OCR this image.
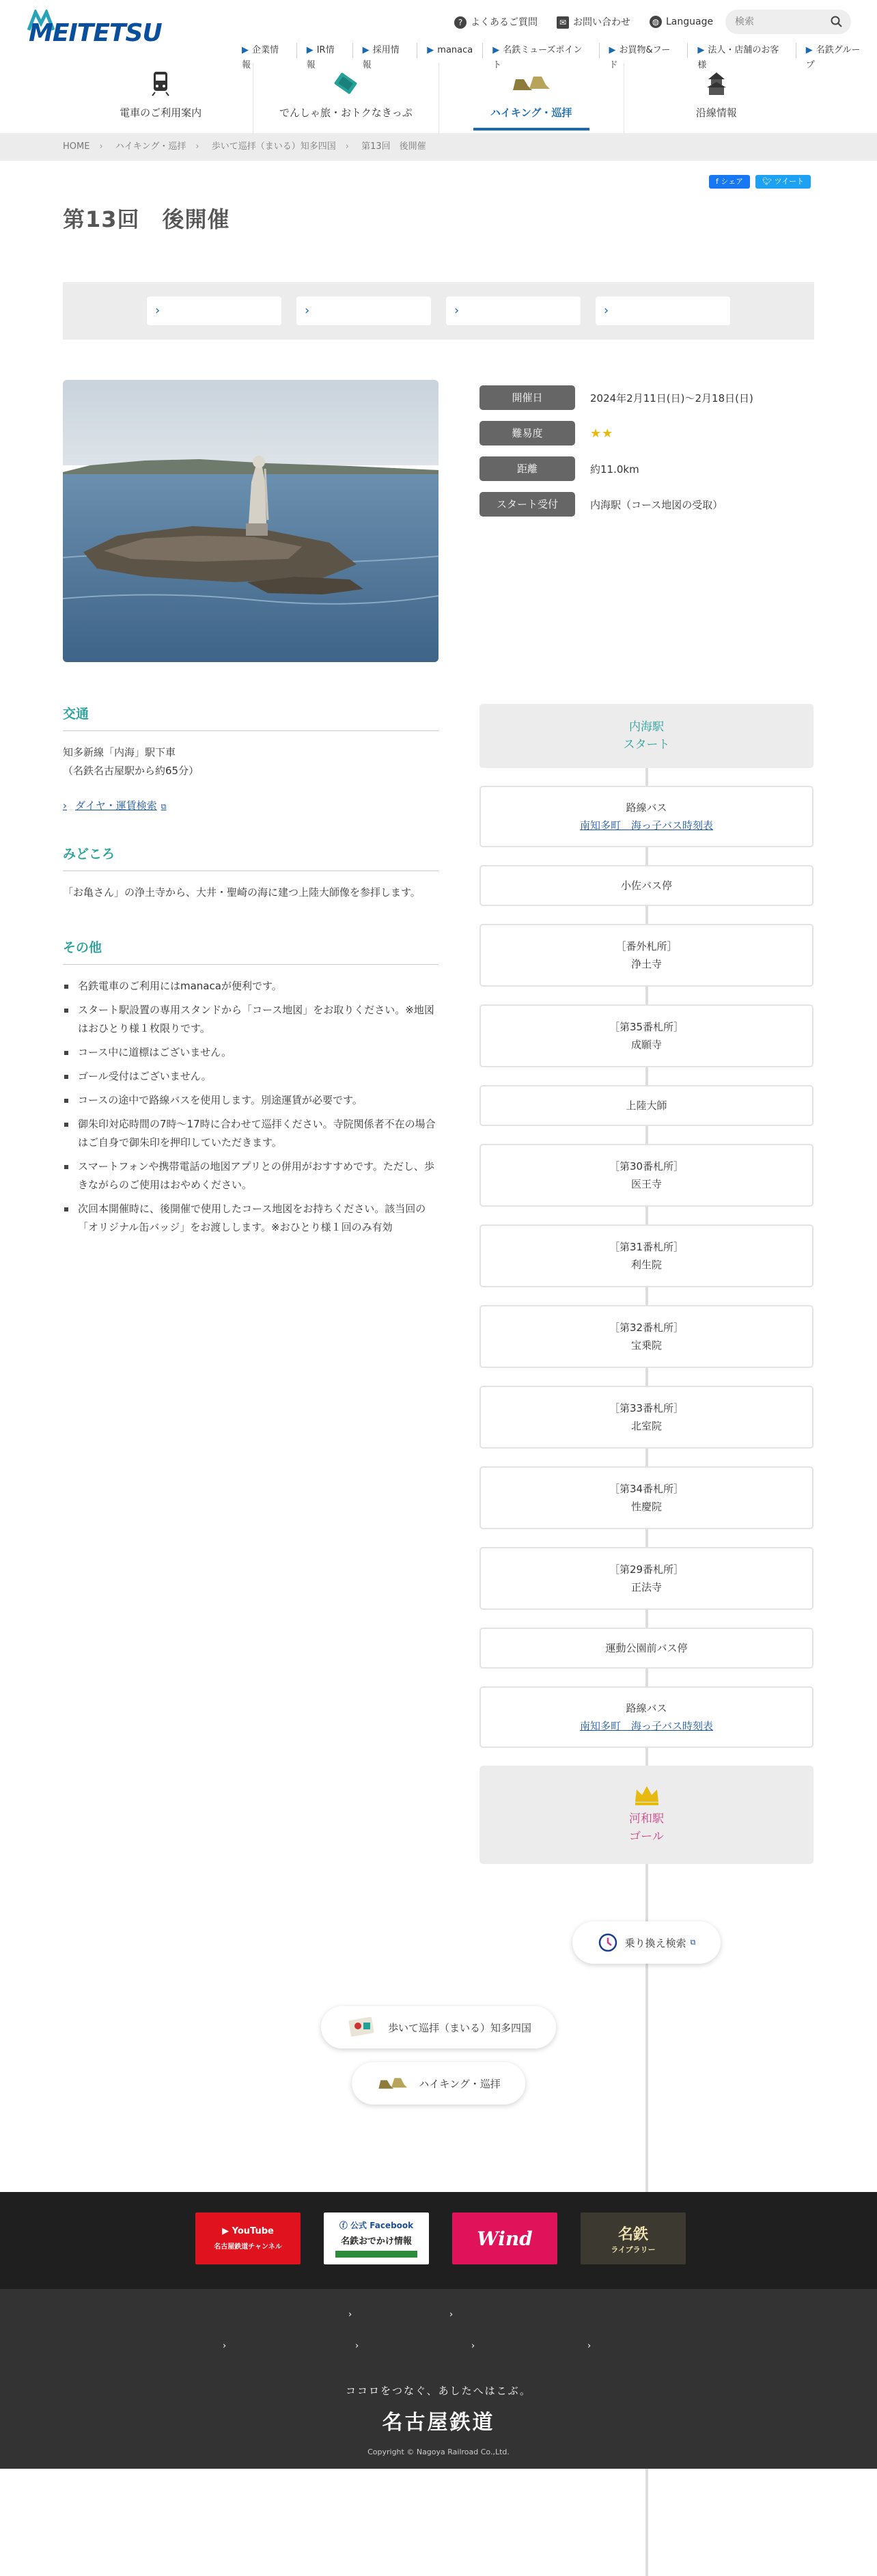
MEITETSU	? よくあるご質問	✉ お問い合わせ	◍ Language	検索
▶ 企業情報
▶ IR情報
▶ 採用情報
▶ manaca	▶ 名鉄ミューズポイント
▶ お買物&フード
▶ 法人・店舗のお客様
▶ 名鉄グループ
電車のご利用案内	でんしゃ旅・おトクなきっぷ	ハイキング・巡拝	沿線情報
HOME › ハイキング・巡拝 › 歩いて巡拝（まいる）知多四国 › 第13回　後開催
f シェア	🐦︎ ツイート
第13回　後開催
›
›
›
›
開催日	2024年2月11日(日)〜2月18日(日)
難易度	★★
距離	約11.0km
スタート受付	内海駅（コース地図の受取）
交通

知多新線「内海」駅下車

（名鉄名古屋駅から約65分）

› ダイヤ・運賃検索 ⧉
みどころ

「お亀さん」の浄土寺から、大井・聖崎の海に建つ上陸大師像を参拝します。

その他
名鉄電車のご利用にはmanacaが便利です。
スタート駅設置の専用スタンドから「コース地図」をお取りください。※地図はおひとり様１枚限りです。
コース中に道標はございません。
ゴール受付はございません。
コースの途中で路線バスを使用します。別途運賃が必要です。
御朱印対応時間の7時〜17時に合わせて巡拝ください。寺院関係者不在の場合はご自身で御朱印を押印していただきます。
スマートフォンや携帯電話の地図アプリとの併用がおすすめです。ただし、歩きながらのご使用はおやめください。
次回本開催時に、後開催で使用したコース地図をお持ちください。該当回の「オリジナル缶バッジ」をお渡しします。※おひとり様１回のみ有効
内海駅
スタート
路線バス
南知多町　海っ子バス時刻表
小佐バス停
［番外札所］
浄土寺
［第35番札所］
成願寺
上陸大師
［第30番札所］
医王寺
［第31番札所］
利生院
［第32番札所］
宝乗院
［第33番札所］
北室院
［第34番札所］
性慶院
［第29番札所］
正法寺
運動公園前バス停
路線バス
南知多町　海っ子バス時刻表
河和駅
ゴール
乗り換え検索 ⧉
歩いて巡拝（まいる）知多四国
ハイキング・巡拝
▶ YouTube
名古屋鉄道チャンネル
ⓕ 公式 Facebook
名鉄おでかけ情報	Wind	名鉄
ライブラリー
›	›
›	›	›	›
ココロをつなぐ、あしたへはこぶ。
名古屋鉄道
Copyright © Nagoya Railroad Co.,Ltd.
